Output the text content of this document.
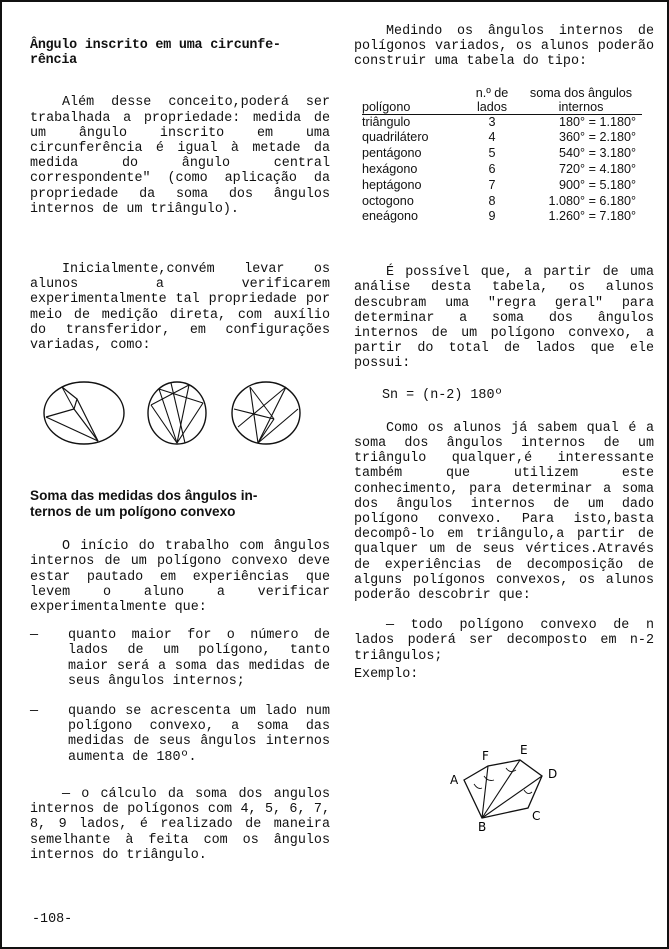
Ângulo inscrito em uma circunfe-
rência

Além desse conceito,poderá ser trabalhada a propriedade: medida de um ângulo inscrito em uma circunferência é igual à metade da medida do ângulo central correspondente" (como aplicação da propriedade da soma dos ângulos internos de um triângulo).

Inicialmente,convém levar os alunos a verificarem experimentalmente tal propriedade por meio de medição direta, com auxílio do transferidor, em configurações variadas, como:

Soma das medidas dos ângulos in-
ternos de um polígono convexo

O início do trabalho com ângulos internos de um polígono convexo deve estar pautado em experiências que levem o aluno a verificar experimentalmente que:

— quanto maior for o número de lados de um polígono, tanto maior será a soma das medidas de seus ângulos internos;
— quando se acrescenta um lado num polígono convexo, a soma das medidas de seus ângulos internos aumenta de 180º.

— o cálculo da soma dos angulos internos de polígonos com 4, 5, 6, 7, 8, 9 lados, é realizado de maneira semelhante à feita com os ângulos internos do triângulo.

Medindo os ângulos internos de polígonos variados, os alunos poderão construir uma tabela do tipo:

polígono	n.º de lados	soma dos ângulos internos
triângulo	3	180° = 1.180°
quadrilátero	4	360° = 2.180°
pentágono	5	540° = 3.180°
hexágono	6	720° = 4.180°
heptágono	7	900° = 5.180°
octogono	8	1.080° = 6.180°
eneágono	9	1.260° = 7.180°

É possível que, a partir de uma análise desta tabela, os alunos descubram uma "regra geral" para determinar a soma dos ângulos internos de um polígono convexo, a partir do total de lados que ele possui:

Sn = (n-2) 180º

Como os alunos já sabem qual é a soma dos ângulos internos de um triângulo qualquer,é interessante também que utilizem este conhecimento, para determinar a soma dos ângulos internos de um dado polígono convexo. Para isto,basta decompô-lo em triângulo,a partir de qualquer um de seus vértices.Através de experiências de decomposição de alguns polígonos convexos, os alunos poderão descobrir que:

— todo polígono convexo de n lados poderá ser decomposto em n-2 triângulos;

Exemplo:

A
F	E
D
C
B
-108-
